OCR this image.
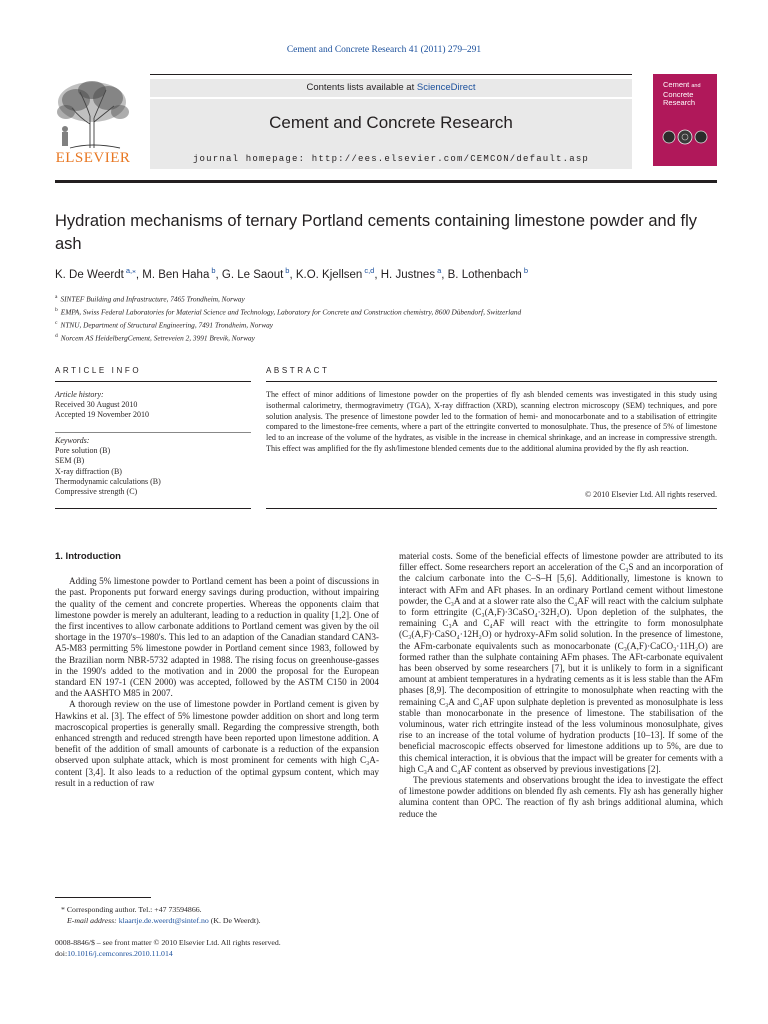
Cement and Concrete Research 41 (2011) 279–291
ELSEVIER
Contents lists available at ScienceDirect
Cement and Concrete Research
journal homepage: http://ees.elsevier.com/CEMCON/default.asp
Cement and
Concrete
Research
Hydration mechanisms of ternary Portland cements containing limestone powder and fly ash
K. De Weerdt $^{a,⁎}$, M. Ben Haha $^b$, G. Le Saout $^b$, K.O. Kjellsen $^{c,d}$, H. Justnes $^a$, B. Lothenbach $^b$
$^a$ SINTEF Building and Infrastructure, 7465 Trondheim, Norway
$^b$ EMPA, Swiss Federal Laboratories for Material Science and Technology, Laboratory for Concrete and Construction chemistry, 8600 Dübendorf, Switzerland
$^c$ NTNU, Department of Structural Engineering, 7491 Trondheim, Norway
$^d$ Norcem AS HeidelbergCement, Setreveien 2, 3991 Brevik, Norway
ARTICLE INFO	ABSTRACT
Article history:
Received 30 August 2010
Accepted 19 November 2010
Keywords:
Pore solution (B)
SEM (B)
X-ray diffraction (B)
Thermodynamic calculations (B)
Compressive strength (C)
The effect of minor additions of limestone powder on the properties of fly ash blended cements was investigated in this study using isothermal calorimetry, thermogravimetry (TGA), X-ray diffraction (XRD), scanning electron microscopy (SEM) techniques, and pore solution analysis. The presence of limestone powder led to the formation of hemi- and monocarbonate and to a stabilisation of ettringite compared to the limestone-free cements, where a part of the ettringite converted to monosulphate. Thus, the presence of 5% of limestone led to an increase of the volume of the hydrates, as visible in the increase in chemical shrinkage, and an increase in compressive strength. This effect was amplified for the fly ash/limestone blended cements due to the additional alumina provided by the fly ash reaction.
© 2010 Elsevier Ltd. All rights reserved.

1. Introduction

Adding 5% limestone powder to Portland cement has been a point of discussions in the past. Proponents put forward energy savings during production, without impairing the quality of the cement and concrete properties. Whereas the opponents claim that limestone powder is merely an adulterant, leading to a reduction in quality [1,2]. One of the first incentives to allow carbonate additions to Portland cement was given by the oil shortage in the 1970's–1980's. This led to an adaption of the Canadian standard CAN3-A5-M83 permitting 5% limestone powder in Portland cement since 1983, followed by the Brazilian norm NBR-5732 adapted in 1988. The rising focus on greenhouse-gasses in the 1990's added to the motivation and in 2000 the proposal for the European standard EN 197-1 (CEN 2000) was accepted, followed by the ASTM C150 in 2004 and the AASHTO M85 in 2007.

A thorough review on the use of limestone powder in Portland cement is given by Hawkins et al. [3]. The effect of 5% limestone powder addition on short and long term macroscopical properties is generally small. Regarding the compressive strength, both enhanced strength and reduced strength have been reported upon limestone addition. A benefit of the addition of small amounts of carbonate is a reduction of the expansion observed upon sulphate attack, which is most prominent for cements with high C₃A-content [3,4]. It also leads to a reduction of the optimal gypsum content, which may result in a reduction of raw

material costs. Some of the beneficial effects of limestone powder are attributed to its filler effect. Some researchers report an acceleration of the C₃S and an incorporation of the calcium carbonate into the C–S–H [5,6]. Additionally, limestone is known to interact with AFm and AFt phases. In an ordinary Portland cement without limestone powder, the C₃A and at a slower rate also the C₄AF will react with the calcium sulphate to form ettringite (C₃(A,F)·3CaSO₄·32H₂O). Upon depletion of the sulphates, the remaining C₃A and C₄AF will react with the ettringite to form monosulphate (C₃(A,F)·CaSO₄·12H₂O) or hydroxy-AFm solid solution. In the presence of limestone, the AFm-carbonate equivalents such as monocarbonate (C₃(A,F)·CaCO₃·11H₂O) are formed rather than the sulphate containing AFm phases. The AFt-carbonate equivalent has been observed by some researchers [7], but it is unlikely to form in a significant amount at ambient temperatures in a hydrating cements as it is less stable than the AFm phases [8,9]. The decomposition of ettringite to monosulphate when reacting with the remaining C₃A and C₄AF upon sulphate depletion is prevented as monosulphate is less stable than monocarbonate in the presence of limestone. The stabilisation of the voluminous, water rich ettringite instead of the less voluminous monosulphate, gives rise to an increase of the total volume of hydration products [10–13]. If some of the beneficial macroscopic effects observed for limestone additions up to 5%, are due to this chemical interaction, it is obvious that the impact will be greater for cements with a high C₃A and C₄AF content as observed by previous investigations [2].

The previous statements and observations brought the idea to investigate the effect of limestone powder additions on blended fly ash cements. Fly ash has generally higher alumina content than OPC. The reaction of fly ash brings additional alumina, which reduce the

* Corresponding author. Tel.: +47 73594866.
E-mail address: klaartje.de.weerdt@sintef.no (K. De Weerdt).
0008-8846/$ – see front matter © 2010 Elsevier Ltd. All rights reserved.
doi:10.1016/j.cemconres.2010.11.014
